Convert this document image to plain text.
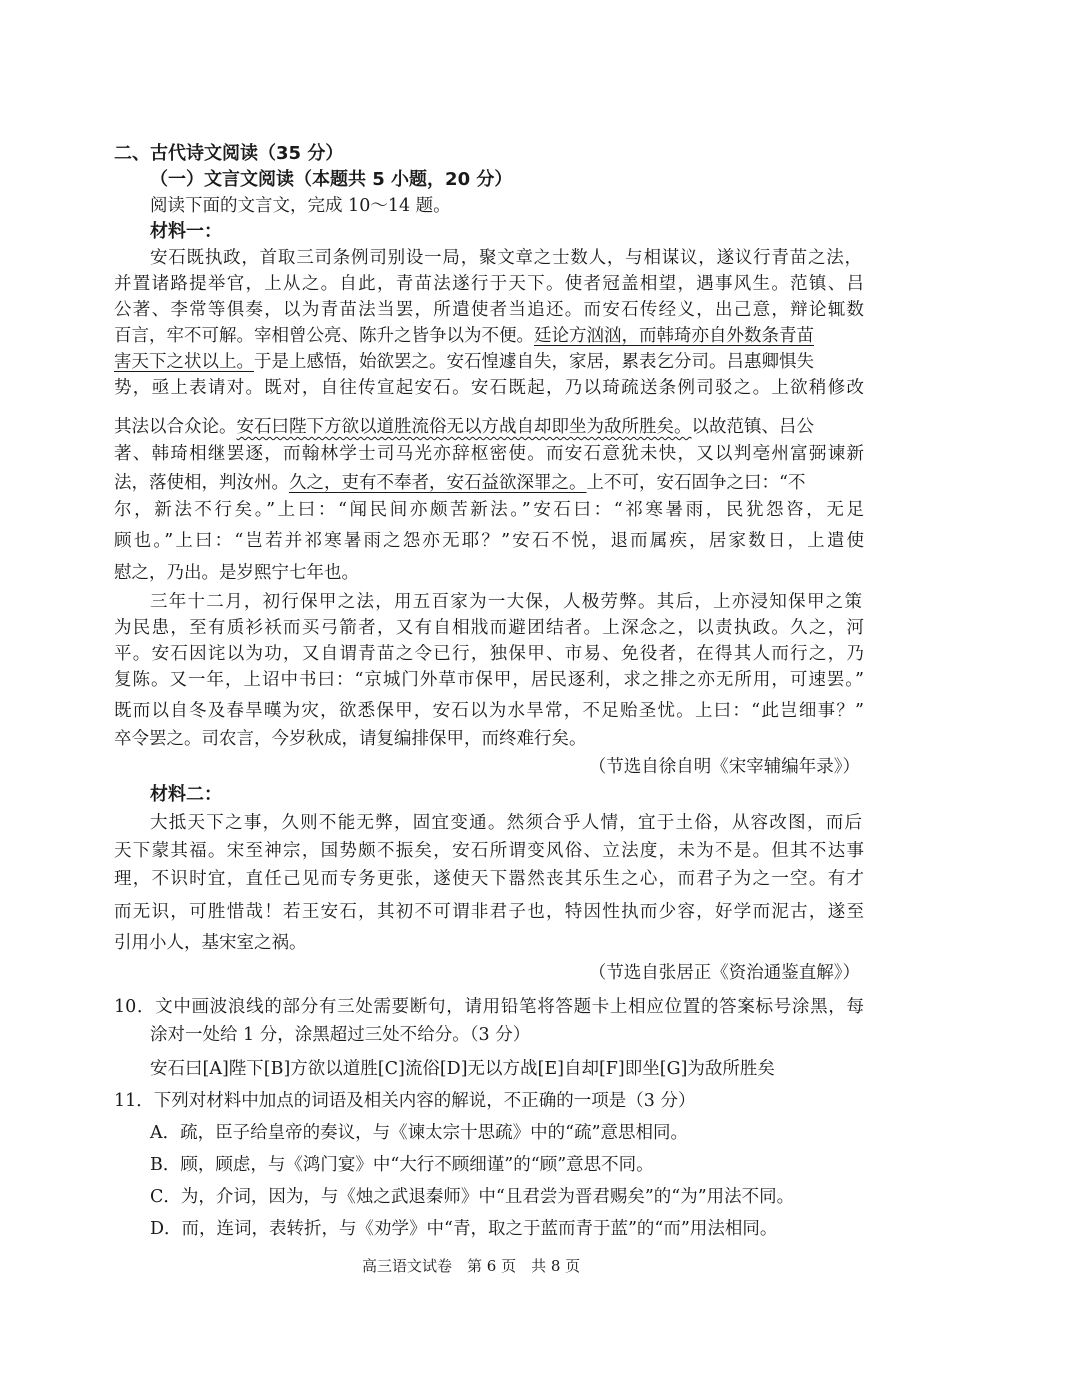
二、古代诗文阅读（35 分）
（一）文言文阅读（本题共 5 小题，20 分）
阅读下面的文言文，完成 10～14 题。
材料一：
安石既执政，首取三司条例司别设一局，聚文章之士数人，与相谋议，遂议行青苗之法，
并置诸路提举官，上从之。自此，青苗法遂行于天下。使者冠盖相望，遇事风生。范镇、吕
公著、李常等俱奏，以为青苗法当罢，所遣使者当追还。而安石传经义，出己意，辩论辄数
百言，牢不可解。宰相曾公亮、陈升之皆争以为不便。廷论方汹汹，而韩琦亦自外数条青苗
害天下之状以上。于是上感悟，始欲罢之。安石惶遽自失，家居，累表乞分司。吕惠卿惧失
势，亟上表请对。既对，自往传宣起安石。安石既起，乃以琦疏送条例司驳之。上欲稍修改
其法以合众论。安石曰陛下方欲以道胜流俗无以方战自却即坐为敌所胜矣。以故范镇、吕公
著、韩琦相继罢逐，而翰林学士司马光亦辞枢密使。而安石意犹未快，又以判亳州富弼谏新
法，落使相，判汝州。久之，吏有不奉者，安石益欲深罪之。上不可，安石固争之曰：“不
尔，新法不行矣。”上曰：“闻民间亦颇苦新法。”安石曰：“祁寒暑雨，民犹怨咨，无足
顾也。”上曰：“岂若并祁寒暑雨之怨亦无耶？”安石不悦，退而属疾，居家数日，上遣使
慰之，乃出。是岁熙宁七年也。
三年十二月，初行保甲之法，用五百家为一大保，人极劳弊。其后，上亦浸知保甲之策
为民患，至有质衫袄而买弓箭者，又有自相戕而避团结者。上深念之，以责执政。久之，河
平。安石因诧以为功，又自谓青苗之令已行，独保甲、市易、免役者，在得其人而行之，乃
复陈。又一年，上诏中书曰：“京城门外草市保甲，居民逐利，求之排之亦无所用，可速罢。”
既而以自冬及春旱暵为灾，欲悉保甲，安石以为水旱常，不足贻圣忧。上曰：“此岂细事？”
卒令罢之。司农言，今岁秋成，请复编排保甲，而终难行矣。
（节选自徐自明《宋宰辅编年录》）
材料二：
大抵天下之事，久则不能无弊，固宜变通。然须合乎人情，宜于土俗，从容改图，而后
天下蒙其福。宋至神宗，国势颇不振矣，安石所谓变风俗、立法度，未为不是。但其不达事
理，不识时宜，直任己见而专务更张，遂使天下嚣然丧其乐生之心，而君子为之一空。有才
而无识，可胜惜哉！若王安石，其初不可谓非君子也，特因性执而少容，好学而泥古，遂至
引用小人，基宋室之祸。
（节选自张居正《资治通鉴直解》）
10．文中画波浪线的部分有三处需要断句，请用铅笔将答题卡上相应位置的答案标号涂黑，每
涂对一处给 1 分，涂黑超过三处不给分。（3 分）
安石曰[A]陛下[B]方欲以道胜[C]流俗[D]无以方战[E]自却[F]即坐[G]为敌所胜矣
11．下列对材料中加点的词语及相关内容的解说，不正确的一项是（3 分）
A．疏，臣子给皇帝的奏议，与《谏太宗十思疏》中的“疏”意思相同。
B．顾，顾虑，与《鸿门宴》中“大行不顾细谨”的“顾”意思不同。
C．为，介词，因为，与《烛之武退秦师》中“且君尝为晋君赐矣”的“为”用法不同。
D．而，连词，表转折，与《劝学》中“青，取之于蓝而青于蓝”的“而”用法相同。
高三语文试卷　第 6 页　共 8 页
